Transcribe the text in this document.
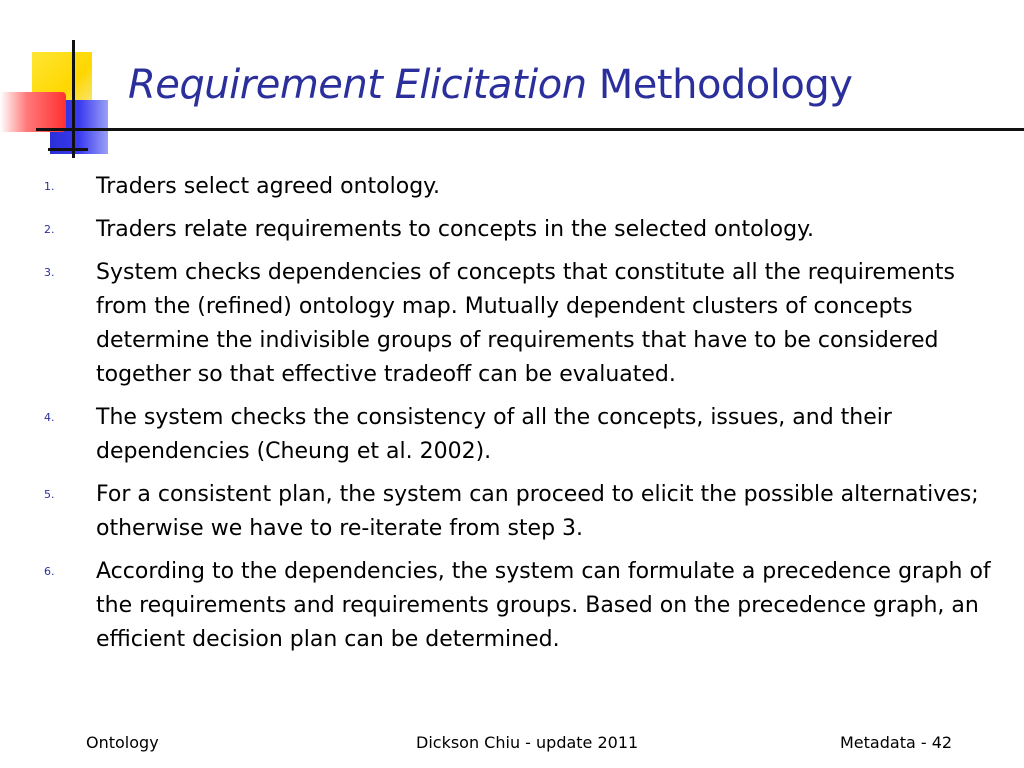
Requirement Elicitation Methodology
1.	Traders select agreed ontology.
2.	Traders relate requirements to concepts in the selected ontology.
3.	System checks dependencies of concepts that constitute all the requirements from the (refined) ontology map. Mutually dependent clusters of concepts determine the indivisible groups of requirements that have to be considered together so that effective tradeoff can be evaluated.
4.	The system checks the consistency of all the concepts, issues, and their dependencies (Cheung et al. 2002).
5.	For a consistent plan, the system can proceed to elicit the possible alternatives; otherwise we have to re-iterate from step 3.
6.	According to the dependencies, the system can formulate a precedence graph of the requirements and requirements groups. Based on the precedence graph, an efficient decision plan can be determined.
Ontology	Dickson Chiu - update 2011	Metadata - 42
